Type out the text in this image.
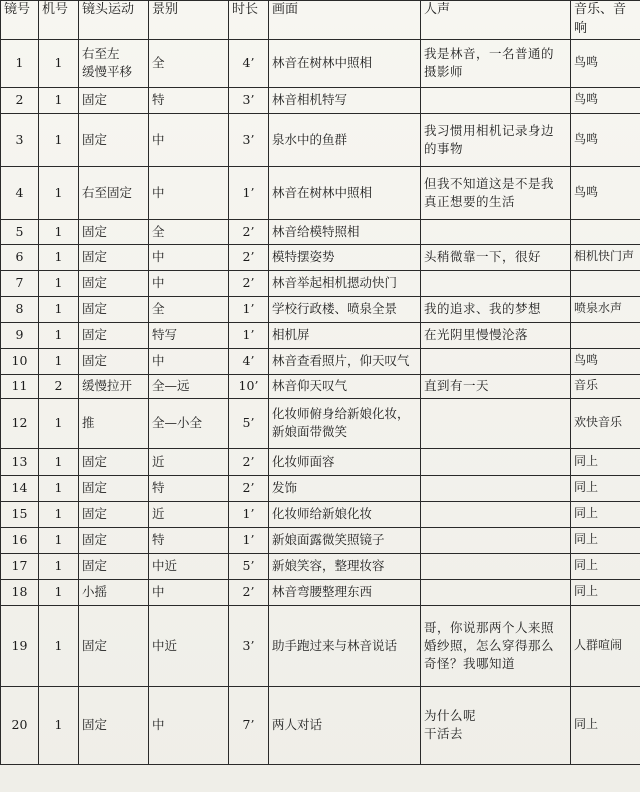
镜号	机号	镜头运动	景别	时长	画面	人声	音乐、音响
1	1	右至左
缓慢平移	全	4’	林音在树林中照相	我是林音，一名普通的
摄影师	鸟鸣
2	1	固定	特	3’	林音相机特写		鸟鸣
3	1	固定	中	3’	泉水中的鱼群	我习惯用相机记录身边
的事物	鸟鸣
4	1	右至固定	中	1’	林音在树林中照相	但我不知道这是不是我
真正想要的生活	鸟鸣
5	1	固定	全	2’	林音给模特照相		
6	1	固定	中	2’	模特摆姿势	头稍微靠一下，很好	相机快门声
7	1	固定	中	2’	林音举起相机摁动快门		
8	1	固定	全	1’	学校行政楼、喷泉全景	我的追求、我的梦想	喷泉水声
9	1	固定	特写	1’	相机屏	在光阴里慢慢沦落	
10	1	固定	中	4’	林音查看照片，仰天叹气		鸟鸣
11	2	缓慢拉开	全—远	10’	林音仰天叹气	直到有一天	音乐
12	1	推	全—小全	5’	化妆师俯身给新娘化妆，
新娘面带微笑		欢快音乐
13	1	固定	近	2’	化妆师面容		同上
14	1	固定	特	2’	发饰		同上
15	1	固定	近	1’	化妆师给新娘化妆		同上
16	1	固定	特	1’	新娘面露微笑照镜子		同上
17	1	固定	中近	5’	新娘笑容，整理妆容		同上
18	1	小摇	中	2’	林音弯腰整理东西		同上
19	1	固定	中近	3’	助手跑过来与林音说话	哥，你说那两个人来照
婚纱照，怎么穿得那么
奇怪？我哪知道	人群喧闹
20	1	固定	中	7’	两人对话	为什么呢
干活去	同上
